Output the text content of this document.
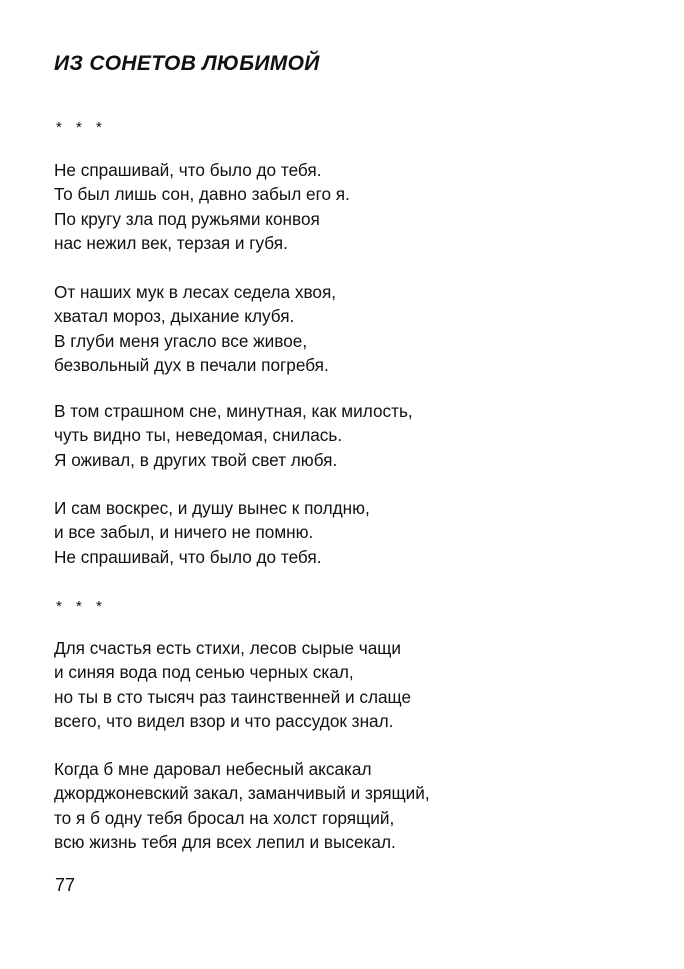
ИЗ СОНЕТОВ ЛЮБИМОЙ
* * *
Не спрашивай, что было до тебя.
То был лишь сон, давно забыл его я.
По кругу зла под ружьями конвоя
нас нежил век, терзая и губя.
От наших мук в лесах седела хвоя,
хватал мороз, дыхание клубя.
В глуби меня угасло все живое,
безвольный дух в печали погребя.
В том страшном сне, минутная, как милость,
чуть видно ты, неведомая, снилась.
Я оживал, в других твой свет любя.
И сам воскрес, и душу вынес к полдню,
и все забыл, и ничего не помню.
Не спрашивай, что было до тебя.
* * *
Для счастья есть стихи, лесов сырые чащи
и синяя вода под сенью черных скал,
но ты в сто тысяч раз таинственней и слаще
всего, что видел взор и что рассудок знал.
Когда б мне даровал небесный аксакал
джорджоневский закал, заманчивый и зрящий,
то я б одну тебя бросал на холст горящий,
всю жизнь тебя для всех лепил и высекал.
77
